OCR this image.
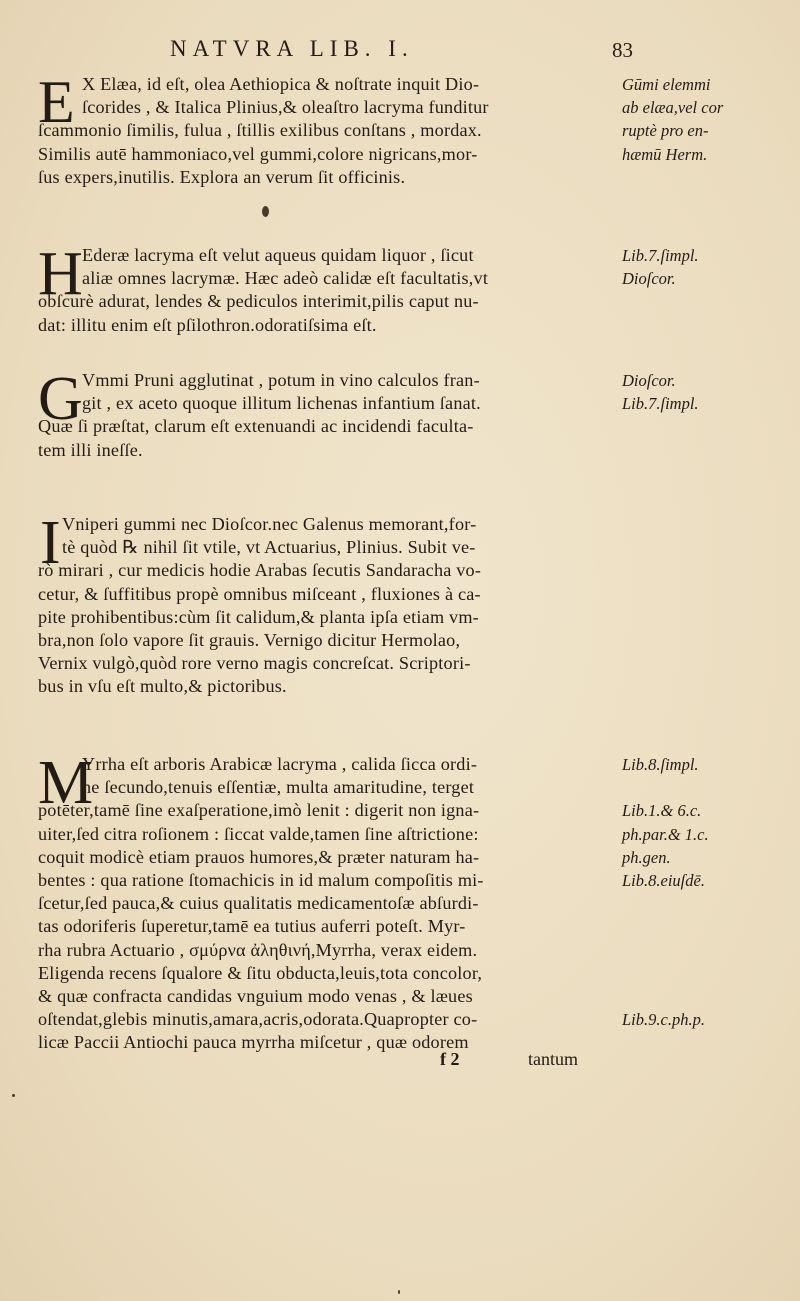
NATVRA LIB. I.	83
E X Elæa, id eſt, olea Aethiopica & noſtrate inquit Dio-
ſcorides , & Italica Plinius,& oleaſtro lacryma funditur
ſcammonio ſimilis, fulua , ſtillis exilibus conſtans , mordax.
Similis autē hammoniaco,vel gummi,colore nigricans,mor-
ſus expers,inutilis. Explora an verum ſit officinis.
Gūmi elemmi
ab elæa,vel cor
ruptè pro en-
hæmū Herm.
H Ederæ lacryma eſt velut aqueus quidam liquor , ſicut
aliæ omnes lacrymæ. Hæc adeò calidæ eſt facultatis,vt
obſcurè adurat, lendes & pediculos interimit,pilis caput nu-
dat: illitu enim eſt pſilothron.odoratiſsima eſt.
Lib.7.ſimpl.
Dioſcor.
G Vmmi Pruni agglutinat , potum in vino calculos fran-
git , ex aceto quoque illitum lichenas infantium ſanat.
Quæ ſi præſtat, clarum eſt extenuandi ac incidendi faculta-
tem illi ineſſe.
Dioſcor.
Lib.7.ſimpl.
I Vniperi gummi nec Dioſcor.nec Galenus memorant,for-
tè quòd ℞ nihil ſit vtile, vt Actuarius, Plinius. Subit ve-
rò mirari , cur medicis hodie Arabas ſecutis Sandaracha vo-
cetur, & ſuffitibus propè omnibus miſceant , fluxiones à ca-
pite prohibentibus:cùm ſit calidum,& planta ipſa etiam vm-
bra,non ſolo vapore ſit grauis. Vernigo dicitur Hermolao,
Vernix vulgò,quòd rore verno magis concreſcat. Scriptori-
bus in vſu eſt multo,& pictoribus.
M
Yrrha eſt arboris Arabicæ lacryma , calida ſicca ordi-
ne ſecundo,tenuis eſſentiæ, multa amaritudine, terget
potēter,tamē ſine exaſperatione,imò lenit : digerit non igna-
uiter,ſed citra roſionem : ſiccat valde,tamen ſine aſtrictione:
coquit modicè etiam prauos humores,& præter naturam ha-
bentes : qua ratione ſtomachicis in id malum compoſitis mi-
ſcetur,ſed pauca,& cuius qualitatis medicamentoſæ abſurdi-
tas odoriferis ſuperetur,tamē ea tutius auferri poteſt. Myr-
rha rubra Actuario , σμύρνα ἀληθινή,Myrrha, verax eidem.
Eligenda recens ſqualore & ſitu obducta,leuis,tota concolor,
& quæ confracta candidas vnguium modo venas , & læues
oſtendat,glebis minutis,amara,acris,odorata.Quapropter co-
licæ Paccii Antiochi pauca myrrha miſcetur , quæ odorem
Lib.8.ſimpl.
Lib.1.& 6.c.
ph.par.& 1.c.
ph.gen.
Lib.8.eiuſdē.
Lib.9.c.ph.p.
f 2	tantum
